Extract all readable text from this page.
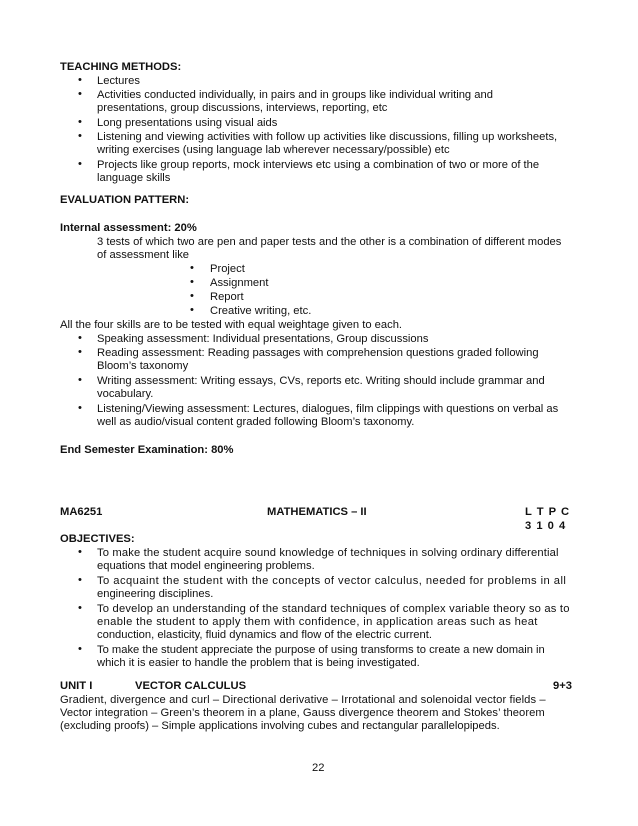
TEACHING METHODS:
• Lectures
• Activities conducted individually, in pairs and in groups like individual writing and
presentations, group discussions, interviews, reporting, etc
• Long presentations using visual aids
• Listening and viewing activities with follow up activities like discussions, filling up worksheets,
writing exercises (using language lab wherever necessary/possible) etc
• Projects like group reports, mock interviews etc using a combination of two or more of the
language skills
EVALUATION PATTERN:
Internal assessment: 20%
3 tests of which two are pen and paper tests and the other is a combination of different modes
of assessment like
• Project
• Assignment
• Report
• Creative writing, etc.
All the four skills are to be tested with equal weightage given to each.
• Speaking assessment: Individual presentations, Group discussions
• Reading assessment: Reading passages with comprehension questions graded following
Bloom’s taxonomy
• Writing assessment: Writing essays, CVs, reports etc. Writing should include grammar and
vocabulary.
• Listening/Viewing assessment: Lectures, dialogues, film clippings with questions on verbal as
well as audio/visual content graded following Bloom’s taxonomy.
End Semester Examination: 80%
MA6251	MATHEMATICS – II	L T P C
3 1 0 4
OBJECTIVES:
• To make the student acquire sound knowledge of techniques in solving ordinary differential
equations that model engineering problems.
• To acquaint the student with the concepts of vector calculus, needed for problems in all
engineering disciplines.
• To develop an understanding of the standard techniques of complex variable theory so as to
enable the student to apply them with confidence, in application areas such as heat
conduction, elasticity, fluid dynamics and flow of the electric current.
• To make the student appreciate the purpose of using transforms to create a new domain in
which it is easier to handle the problem that is being investigated.
UNIT I	VECTOR CALCULUS	9+3
Gradient, divergence and curl – Directional derivative – Irrotational and solenoidal vector fields –
Vector integration – Green’s theorem in a plane, Gauss divergence theorem and Stokes’ theorem
(excluding proofs) – Simple applications involving cubes and rectangular parallelopipeds.
22
